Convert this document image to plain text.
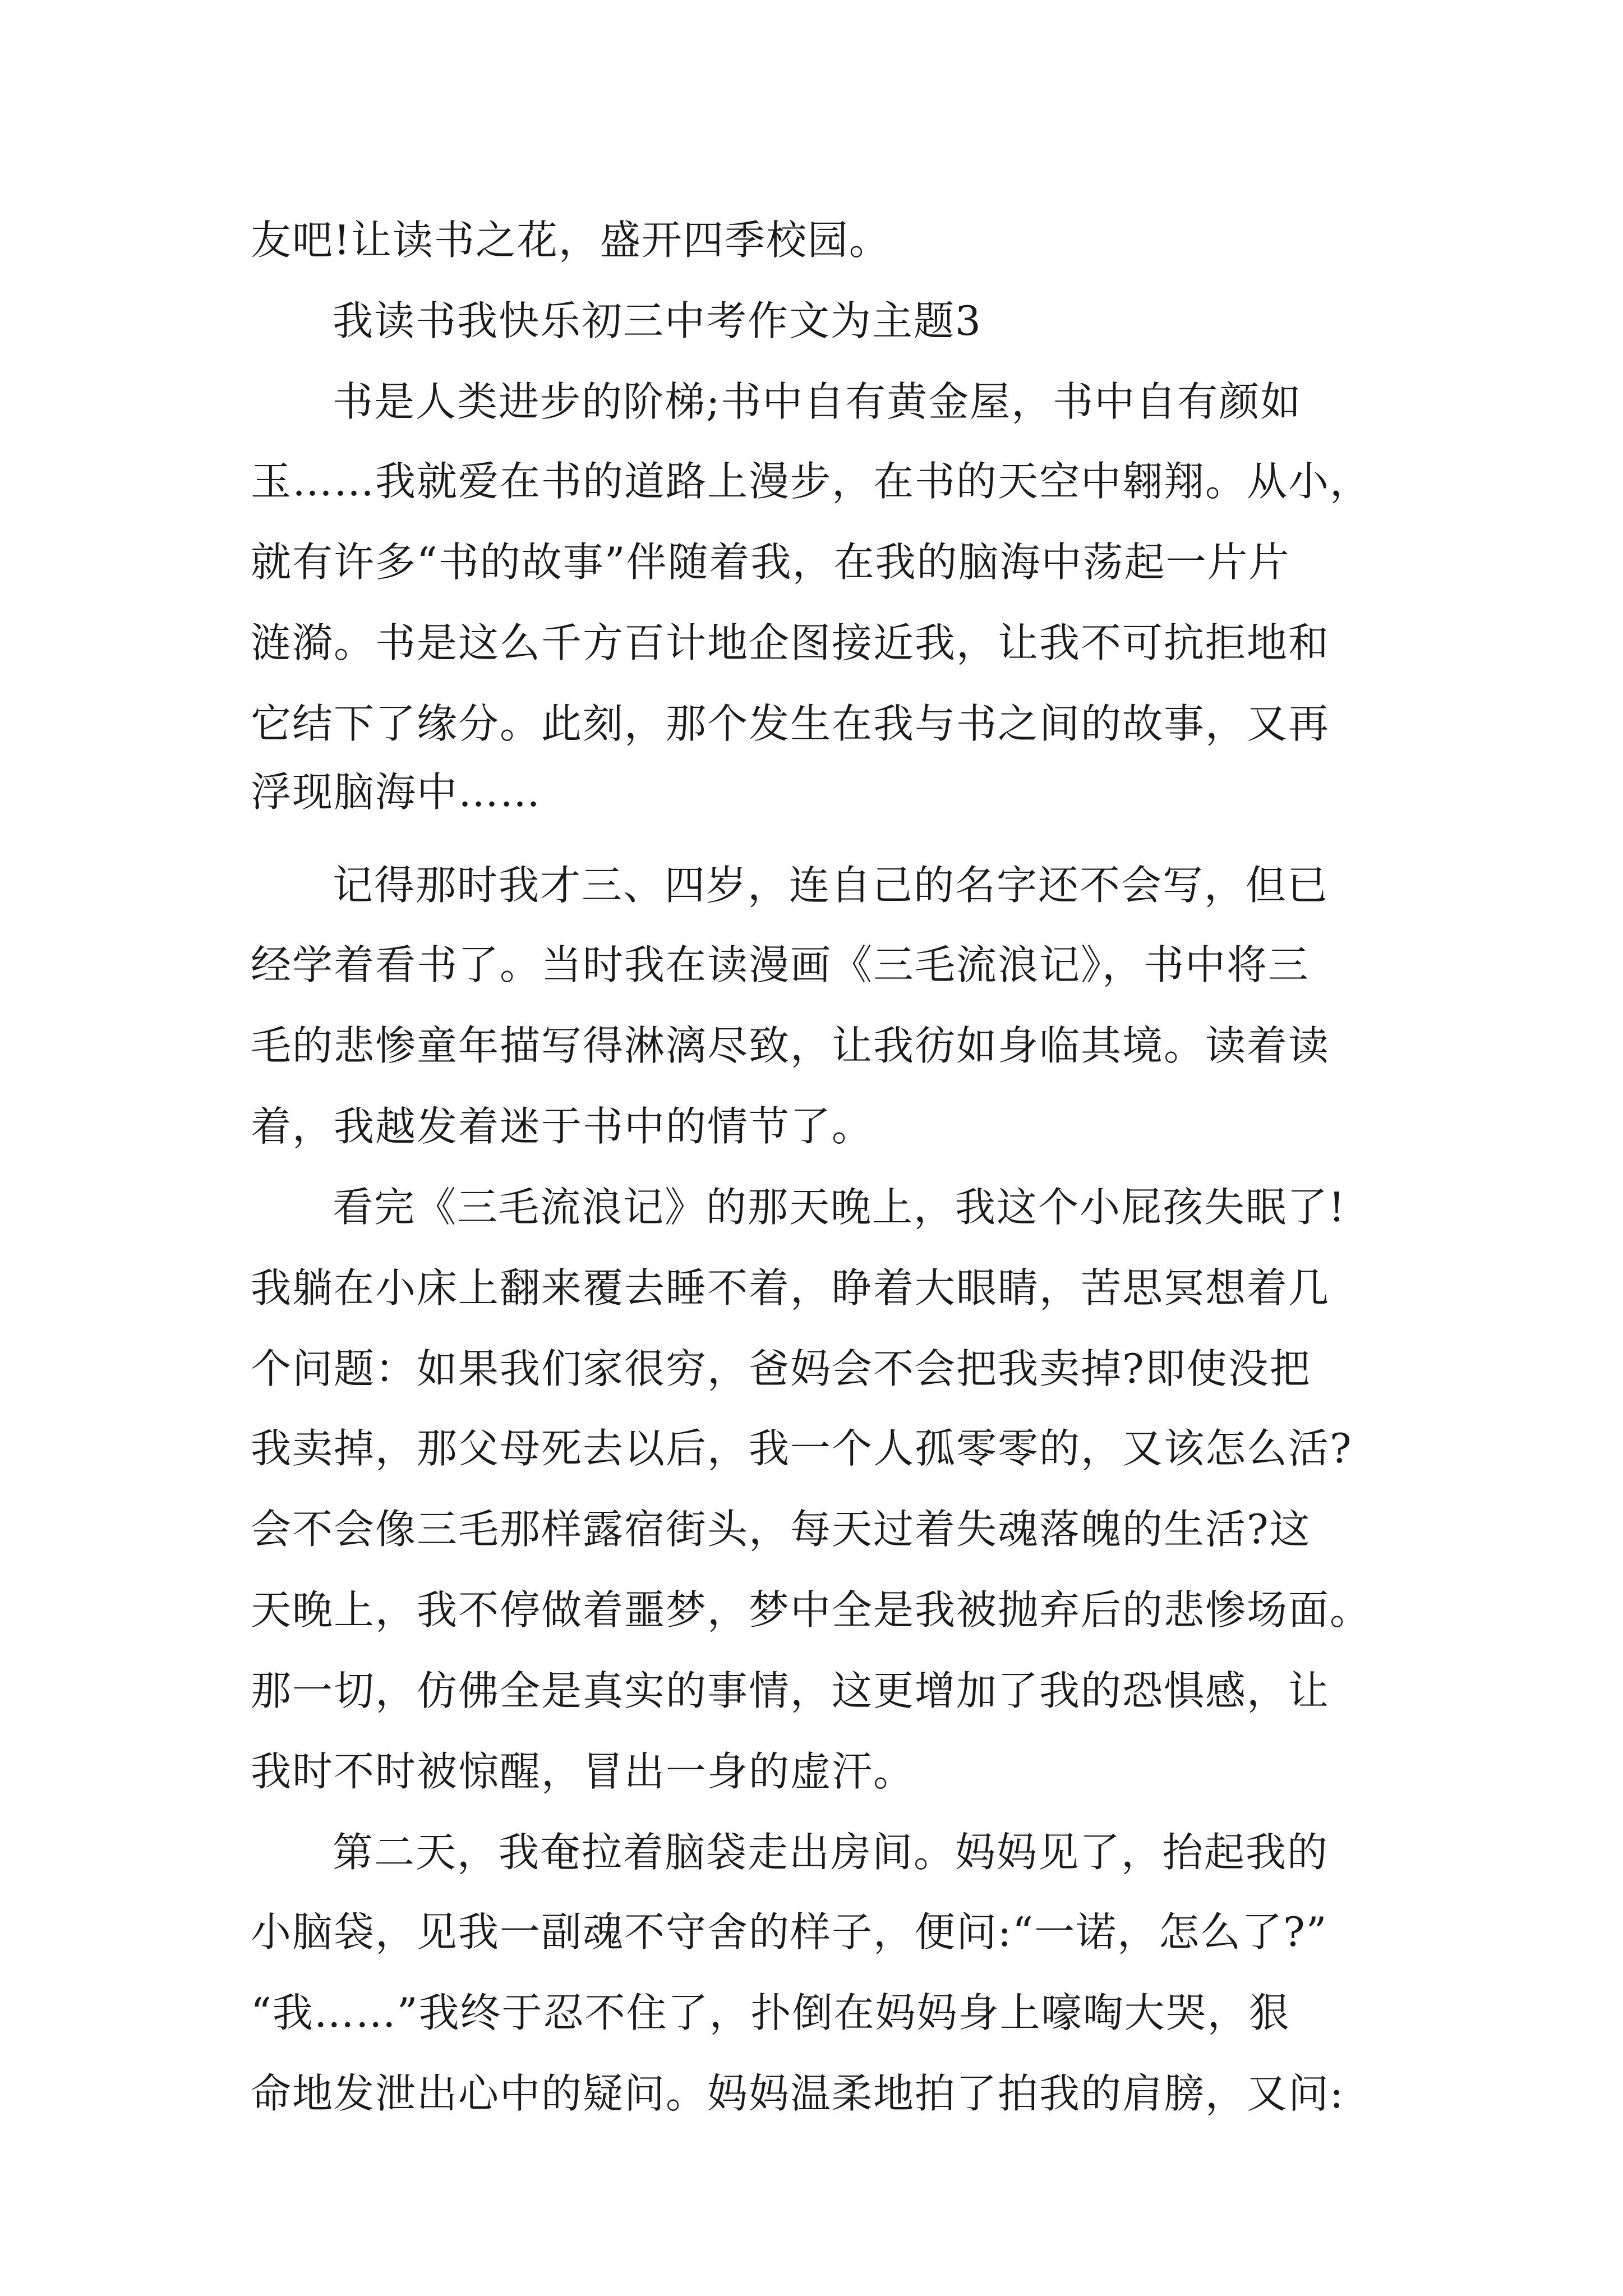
友吧!让读书之花，盛开四季校园。
我读书我快乐初三中考作文为主题3
书是人类进步的阶梯;书中自有黄金屋，书中自有颜如
玉……我就爱在书的道路上漫步，在书的天空中翱翔。从小，
就有许多“书的故事”伴随着我，在我的脑海中荡起一片片
涟漪。书是这么千方百计地企图接近我，让我不可抗拒地和
它结下了缘分。此刻，那个发生在我与书之间的故事，又再
浮现脑海中……
记得那时我才三、四岁，连自己的名字还不会写，但已
经学着看书了。当时我在读漫画《三毛流浪记》，书中将三
毛的悲惨童年描写得淋漓尽致，让我彷如身临其境。读着读
着，我越发着迷于书中的情节了。
看完《三毛流浪记》的那天晚上，我这个小屁孩失眠了!
我躺在小床上翻来覆去睡不着，睁着大眼睛，苦思冥想着几
个问题：如果我们家很穷，爸妈会不会把我卖掉?即使没把
我卖掉，那父母死去以后，我一个人孤零零的，又该怎么活?
会不会像三毛那样露宿街头，每天过着失魂落魄的生活?这
天晚上，我不停做着噩梦，梦中全是我被抛弃后的悲惨场面。
那一切，仿佛全是真实的事情，这更增加了我的恐惧感，让
我时不时被惊醒，冒出一身的虚汗。
第二天，我奄拉着脑袋走出房间。妈妈见了，抬起我的
小脑袋，见我一副魂不守舍的样子，便问:“一诺，怎么了?”
“我……”我终于忍不住了，扑倒在妈妈身上嚎啕大哭，狠
命地发泄出心中的疑问。妈妈温柔地拍了拍我的肩膀，又问:
